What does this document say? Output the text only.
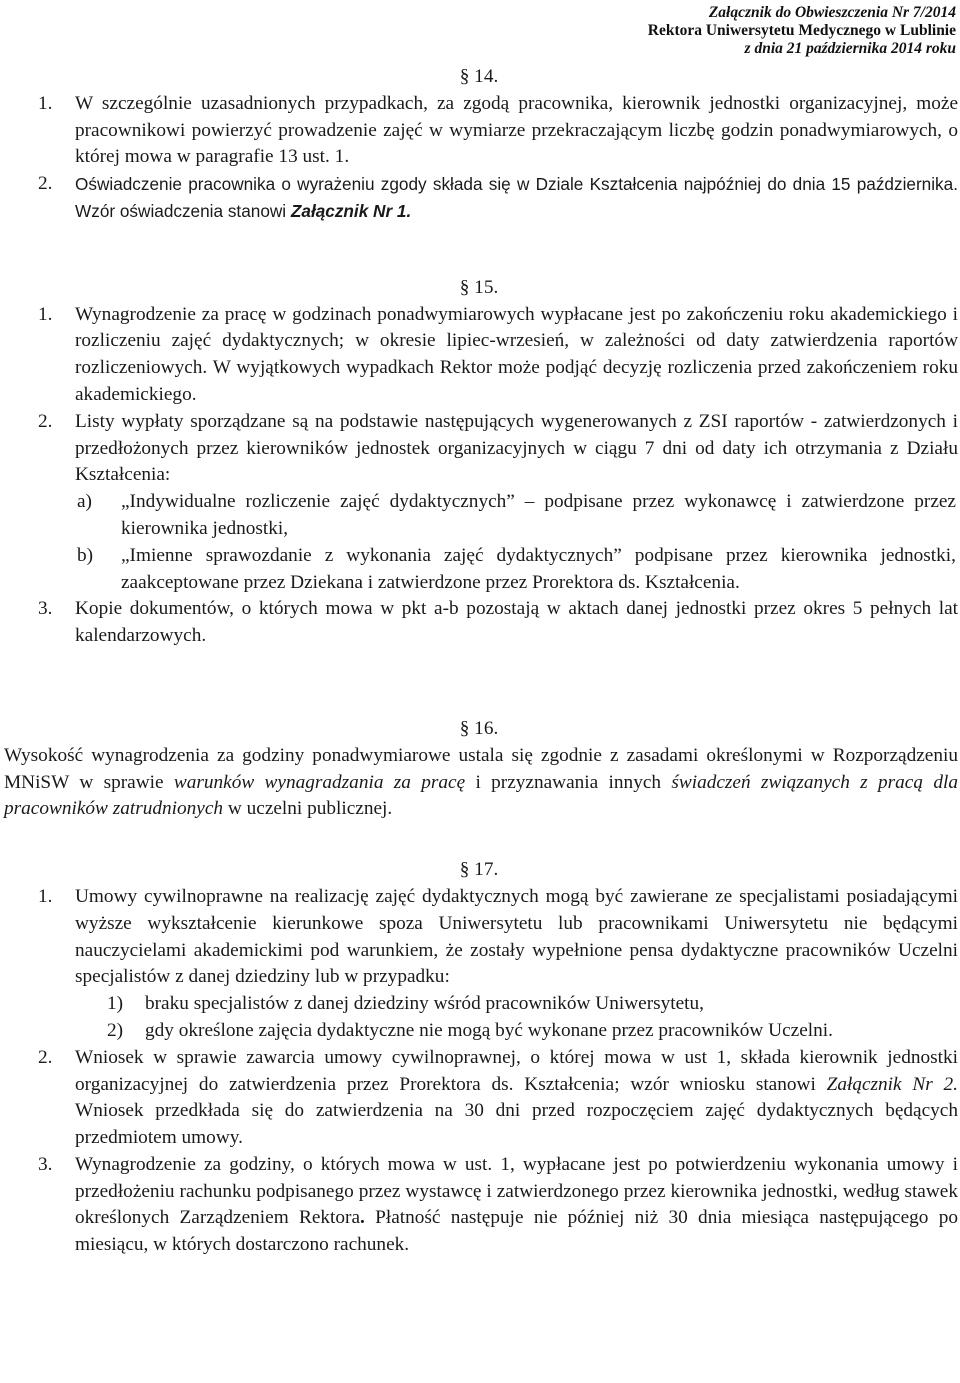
Załącznik do Obwieszczenia Nr 7/2014
Rektora Uniwersytetu Medycznego w Lublinie
z dnia 21 października 2014 roku
§ 14.
1. W szczególnie uzasadnionych przypadkach, za zgodą pracownika, kierownik jednostki organizacyjnej, może pracownikowi powierzyć prowadzenie zajęć w wymiarze przekraczającym liczbę godzin ponadwymiarowych, o której mowa w paragrafie 13 ust. 1.
2. Oświadczenie pracownika o wyrażeniu zgody składa się w Dziale Kształcenia najpóźniej do dnia 15 października. Wzór oświadczenia stanowi Załącznik Nr 1.
§ 15.
1. Wynagrodzenie za pracę w godzinach ponadwymiarowych wypłacane jest po zakończeniu roku akademickiego i rozliczeniu zajęć dydaktycznych; w okresie lipiec-wrzesień, w zależności od daty zatwierdzenia raportów rozliczeniowych. W wyjątkowych wypadkach Rektor może podjąć decyzję rozliczenia przed zakończeniem roku akademickiego.
2. Listy wypłaty sporządzane są na podstawie następujących wygenerowanych z ZSI raportów - zatwierdzonych i przedłożonych przez kierowników jednostek organizacyjnych w ciągu 7 dni od daty ich otrzymania z Działu Kształcenia:
a) „Indywidualne rozliczenie zajęć dydaktycznych” – podpisane przez wykonawcę i zatwierdzone przez kierownika jednostki,
b) „Imienne sprawozdanie z wykonania zajęć dydaktycznych” podpisane przez kierownika jednostki, zaakceptowane przez Dziekana i zatwierdzone przez Prorektora ds. Kształcenia.
3. Kopie dokumentów, o których mowa w pkt a-b pozostają w aktach danej jednostki przez okres 5 pełnych lat kalendarzowych.
§ 16.
Wysokość wynagrodzenia za godziny ponadwymiarowe ustala się zgodnie z zasadami określonymi w Rozporządzeniu MNiSW w sprawie warunków wynagradzania za pracę i przyznawania innych świadczeń związanych z pracą dla pracowników zatrudnionych w uczelni publicznej.
§ 17.
1. Umowy cywilnoprawne na realizację zajęć dydaktycznych mogą być zawierane ze specjalistami posiadającymi wyższe wykształcenie kierunkowe spoza Uniwersytetu lub pracownikami Uniwersytetu nie będącymi nauczycielami akademickimi pod warunkiem, że zostały wypełnione pensa dydaktyczne pracowników Uczelni specjalistów z danej dziedziny lub w przypadku:
1) braku specjalistów z danej dziedziny wśród pracowników Uniwersytetu,
2) gdy określone zajęcia dydaktyczne nie mogą być wykonane przez pracowników Uczelni.
2. Wniosek w sprawie zawarcia umowy cywilnoprawnej, o której mowa w ust 1, składa kierownik jednostki organizacyjnej do zatwierdzenia przez Prorektora ds. Kształcenia; wzór wniosku stanowi Załącznik Nr 2. Wniosek przedkłada się do zatwierdzenia na 30 dni przed rozpoczęciem zajęć dydaktycznych będących przedmiotem umowy.
3. Wynagrodzenie za godziny, o których mowa w ust. 1, wypłacane jest po potwierdzeniu wykonania umowy i przedłożeniu rachunku podpisanego przez wystawcę i zatwierdzonego przez kierownika jednostki, według stawek określonych Zarządzeniem Rektora. Płatność następuje nie później niż 30 dnia miesiąca następującego po miesiącu, w których dostarczono rachunek.
